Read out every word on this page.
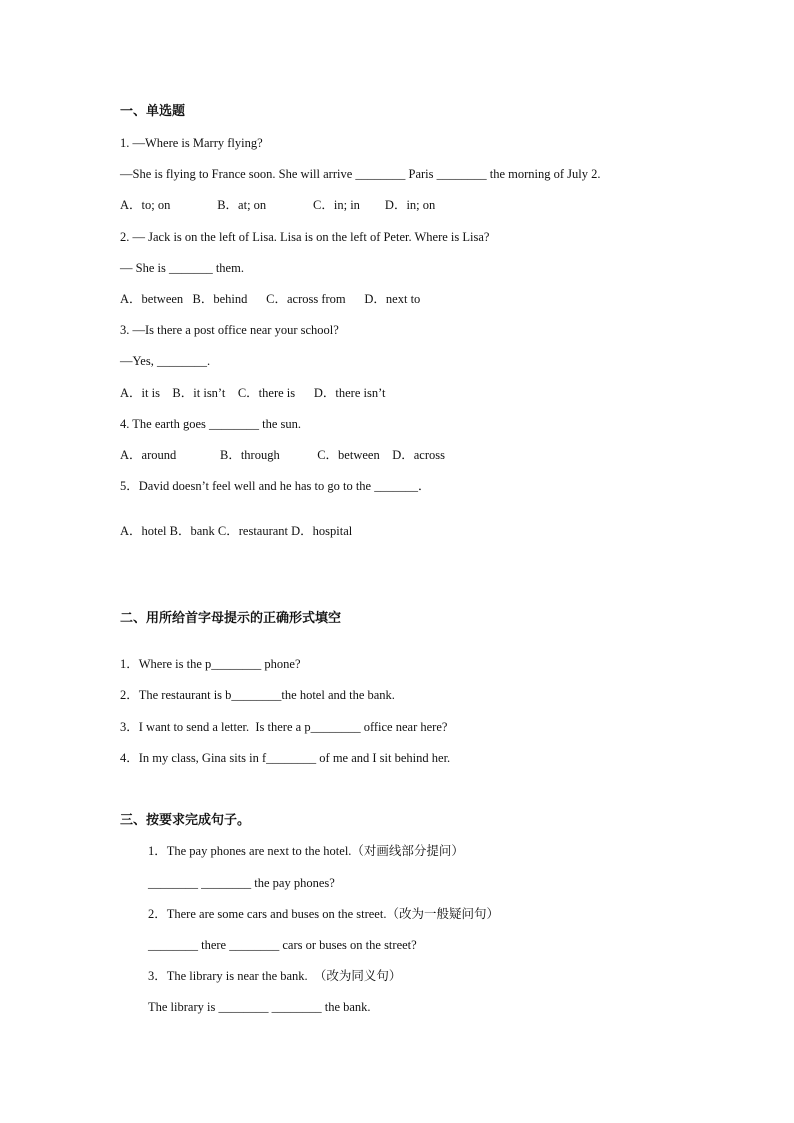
一、单选题
1. —Where is Marry flying?
—She is flying to France soon. She will arrive ________ Paris ________ the morning of July 2.
A．to; on               B．at; on               C．in; in        D．in; on
2. — Jack is on the left of Lisa. Lisa is on the left of Peter. Where is Lisa?
— She is _______ them.
A．between   B．behind      C．across from      D．next to
3. —Is there a post office near your school?
—Yes, ________.
A．it is    B．it isn’t    C．there is      D．there isn’t
4. The earth goes ________ the sun.
A．around              B．through            C．between    D．across
5．David doesn’t feel well and he has to go to the _______．
A．hotel B．bank C．restaurant D．hospital
二、用所给首字母提示的正确形式填空
1．Where is the p________ phone?
2．The restaurant is b________the hotel and the bank.
3．I want to send a letter.  Is there a p________ office near here?
4．In my class, Gina sits in f________ of me and I sit behind her.
三、按要求完成句子。
1．The pay phones are next to the hotel.（对画线部分提问）
________ ________ the pay phones?
2．There are some cars and buses on the street.（改为一般疑问句）
________ there ________ cars or buses on the street?
3．The library is near the bank.  （改为同义句）
The library is ________ ________ the bank.
